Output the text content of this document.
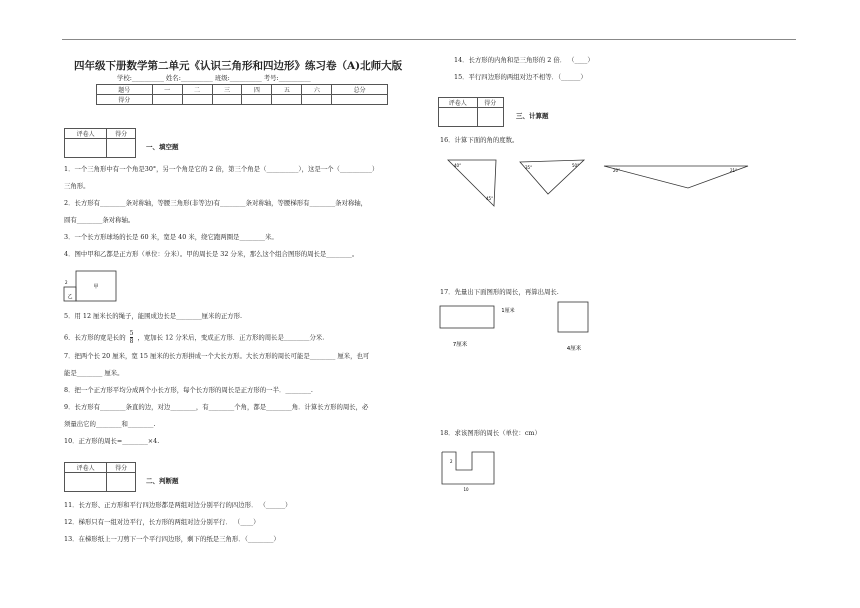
四年级下册数学第二单元《认识三角形和四边形》练习卷（A)北师大版
学校:__________ 姓名:__________ 班级:__________ 考号:__________
题号	一	二	三	四	五	六	总分
得分							
评卷人	得分

一、填空题
1．一个三角形中有一个角是30°，另一个角是它的 2 倍，第三个角是（__________），这是一个（__________）
三角形。
2．长方形有________条对称轴，等腰三角形(非等边)有________条对称轴，等腰梯形有________条对称轴，
圆有________条对称轴。
3．一个长方形球场的长是 60 米，宽是 40 米，绕它跑两圈是________米。
4．图中甲和乙都是正方形（单位：分米）。甲的周长是 32 分米，那么这个组合图形的周长是________。
甲
乙
2
5．用 12 厘米长的绳子，能围成边长是________厘米的正方形.
6．长方形的宽是长的 $\frac{5}{8}$ ，宽加长 12 分米后，变成正方形．正方形的周长是________分米.
7．把两个长 20 厘米，宽 15 厘米的长方形拼成一个大长方形。大长方形的周长可能是________ 厘米，也可
能是________ 厘米。
8．把一个正方形平均分成两个小长方形，每个长方形的周长是正方形的一半．________.
9．长方形有________条直的边，对边________，有________个角，都是________角．计算长方形的周长，必
须量出它的________和________.
10．正方形的周长=________×4.
评卷人	得分

二、判断题
11．长方形、正方形和平行四边形都是两组对边分别平行的四边形． （______）
12．梯形只有一组对边平行，长方形的两组对边分别平行． （____）
13．在梯形纸上一刀剪下一个平行四边形，剩下的纸是三角形．（________）
14．长方形的内角和是三角形的 2 倍． （____）
15．平行四边形的两组对边不相等．（______）
评卷人	得分

三、计算题
16．计算下面的角的度数。
40°
45°
35°	50°
20°	21°
17．先量出下面图形的周长，再算出周长.
7厘米
1厘米
4厘米
18．求该图形的周长（单位：cm）
2
10
